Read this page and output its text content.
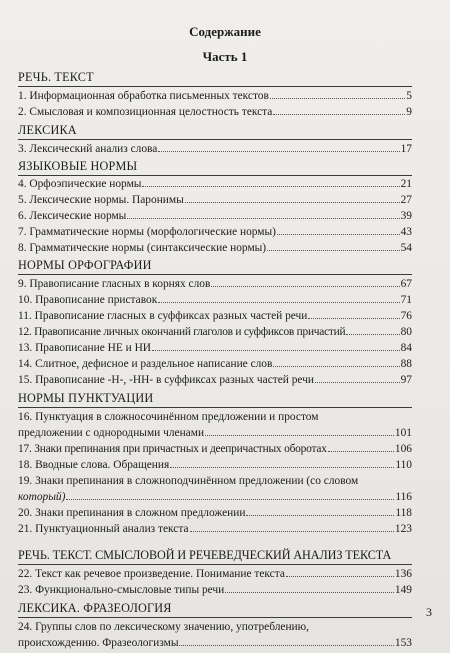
Содержание
Часть 1
РЕЧЬ. ТЕКСТ
1. Информационная обработка письменных текстов	5
2. Смысловая и композиционная целостность текста	9
ЛЕКСИКА
3. Лексический анализ слова	17
ЯЗЫКОВЫЕ НОРМЫ
4. Орфоэпические нормы	21
5. Лексические нормы. Паронимы	27
6. Лексические нормы	39
7. Грамматические нормы (морфологические нормы)	43
8. Грамматические нормы (синтаксические нормы)	54
НОРМЫ ОРФОГРАФИИ
9. Правописание гласных в корнях слов	67
10. Правописание приставок	71
11. Правописание гласных в суффиксах разных частей речи	76
12. Правописание личных окончаний глаголов и суффиксов причастий	80
13. Правописание НЕ и НИ	84
14. Слитное, дефисное и раздельное написание слов	88
15. Правописание -Н-, -НН- в суффиксах разных частей речи	97
НОРМЫ ПУНКТУАЦИИ
16. Пунктуация в сложносочинённом предложении и простом
предложении с однородными членами	101
17. Знаки препинания при причастных и деепричастных оборотах	106
18. Вводные слова. Обращения	110
19. Знаки препинания в сложноподчинённом предложении (со словом
который)	116
20. Знаки препинания в сложном предложении	118
21. Пунктуационный анализ текста	123
РЕЧЬ. ТЕКСТ. СМЫСЛОВОЙ И РЕЧЕВЕДЧЕСКИЙ АНАЛИЗ ТЕКСТА
22. Текст как речевое произведение. Понимание текста	136
23. Функционально-смысловые типы речи	149
ЛЕКСИКА. ФРАЗЕОЛОГИЯ
24. Группы слов по лексическому значению, употреблению,
происхождению. Фразеологизмы	153
3
